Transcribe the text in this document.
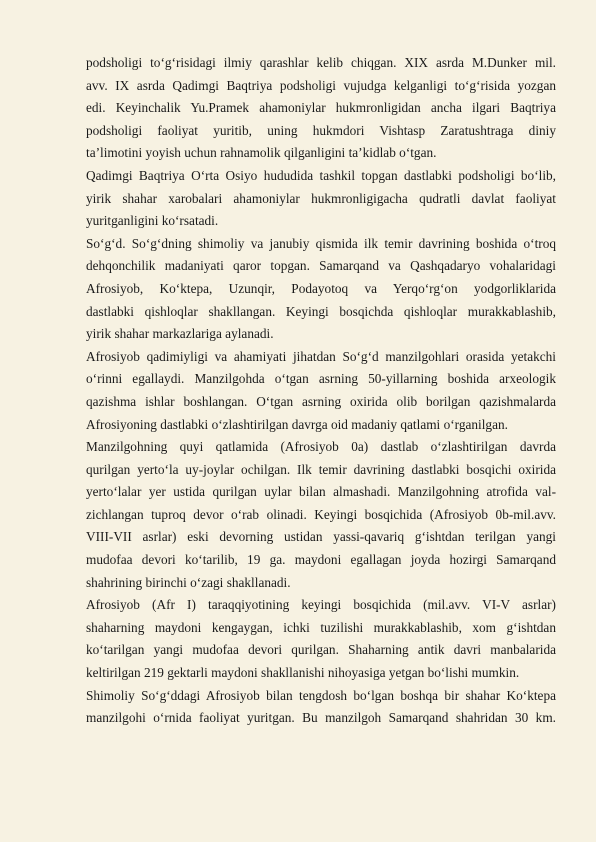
podsholigi to‘g‘risidagi ilmiy qarashlar kelib chiqgan. XIX asrda M.Dunker mil.
avv. IX asrda Qadimgi Baqtriya podsholigi vujudga kelganligi to‘g‘risida yozgan
edi. Keyinchalik Yu.Pramek ahamoniylar hukmronligidan ancha ilgari Baqtriya
podsholigi faoliyat yuritib, uning hukmdori Vishtasp Zaratushtraga diniy
ta’limotini yoyish uchun rahnamolik qilganligini ta’kidlab o‘tgan.
Qadimgi Baqtriya O‘rta Osiyo hududida tashkil topgan dastlabki podsholigi bo‘lib,
yirik shahar xarobalari ahamoniylar hukmronligigacha qudratli davlat faoliyat
yuritganligini ko‘rsatadi.
So‘g‘d. So‘g‘dning shimoliy va janubiy qismida ilk temir davrining boshida o‘troq
dehqonchilik madaniyati qaror topgan. Samarqand va Qashqadaryo vohalaridagi
Afrosiyob, Ko‘ktepa, Uzunqir, Podayotoq va Yerqo‘rg‘on yodgorliklarida
dastlabki qishloqlar shakllangan. Keyingi bosqichda qishloqlar murakkablashib,
yirik shahar markazlariga aylanadi.
Afrosiyob qadimiyligi va ahamiyati jihatdan So‘g‘d manzilgohlari orasida yetakchi
o‘rinni egallaydi. Manzilgohda o‘tgan asrning 50-yillarning boshida arxeologik
qazishma ishlar boshlangan. O‘tgan asrning oxirida olib borilgan qazishmalarda
Afrosiyoning dastlabki o‘zlashtirilgan davrga oid madaniy qatlami o‘rganilgan.
Manzilgohning quyi qatlamida (Afrosiyob 0a) dastlab o‘zlashtirilgan davrda
qurilgan yerto‘la uy-joylar ochilgan. Ilk temir davrining dastlabki bosqichi oxirida
yerto‘lalar yer ustida qurilgan uylar bilan almashadi. Manzilgohning atrofida val-
zichlangan tuproq devor o‘rab olinadi. Keyingi bosqichida (Afrosiyob 0b-mil.avv.
VIII-VII asrlar) eski devorning ustidan yassi-qavariq g‘ishtdan terilgan yangi
mudofaa devori ko‘tarilib, 19 ga. maydoni egallagan joyda hozirgi Samarqand
shahrining birinchi o‘zagi shakllanadi.
Afrosiyob (Afr I) taraqqiyotining keyingi bosqichida (mil.avv. VI-V asrlar)
shaharning maydoni kengaygan, ichki tuzilishi murakkablashib, xom g‘ishtdan
ko‘tarilgan yangi mudofaa devori qurilgan. Shaharning antik davri manbalarida
keltirilgan 219 gektarli maydoni shakllanishi nihoyasiga yetgan bo‘lishi mumkin.
Shimoliy So‘g‘ddagi Afrosiyob bilan tengdosh bo‘lgan boshqa bir shahar Ko‘ktepa
manzilgohi o‘rnida faoliyat yuritgan. Bu manzilgoh Samarqand shahridan 30 km.
